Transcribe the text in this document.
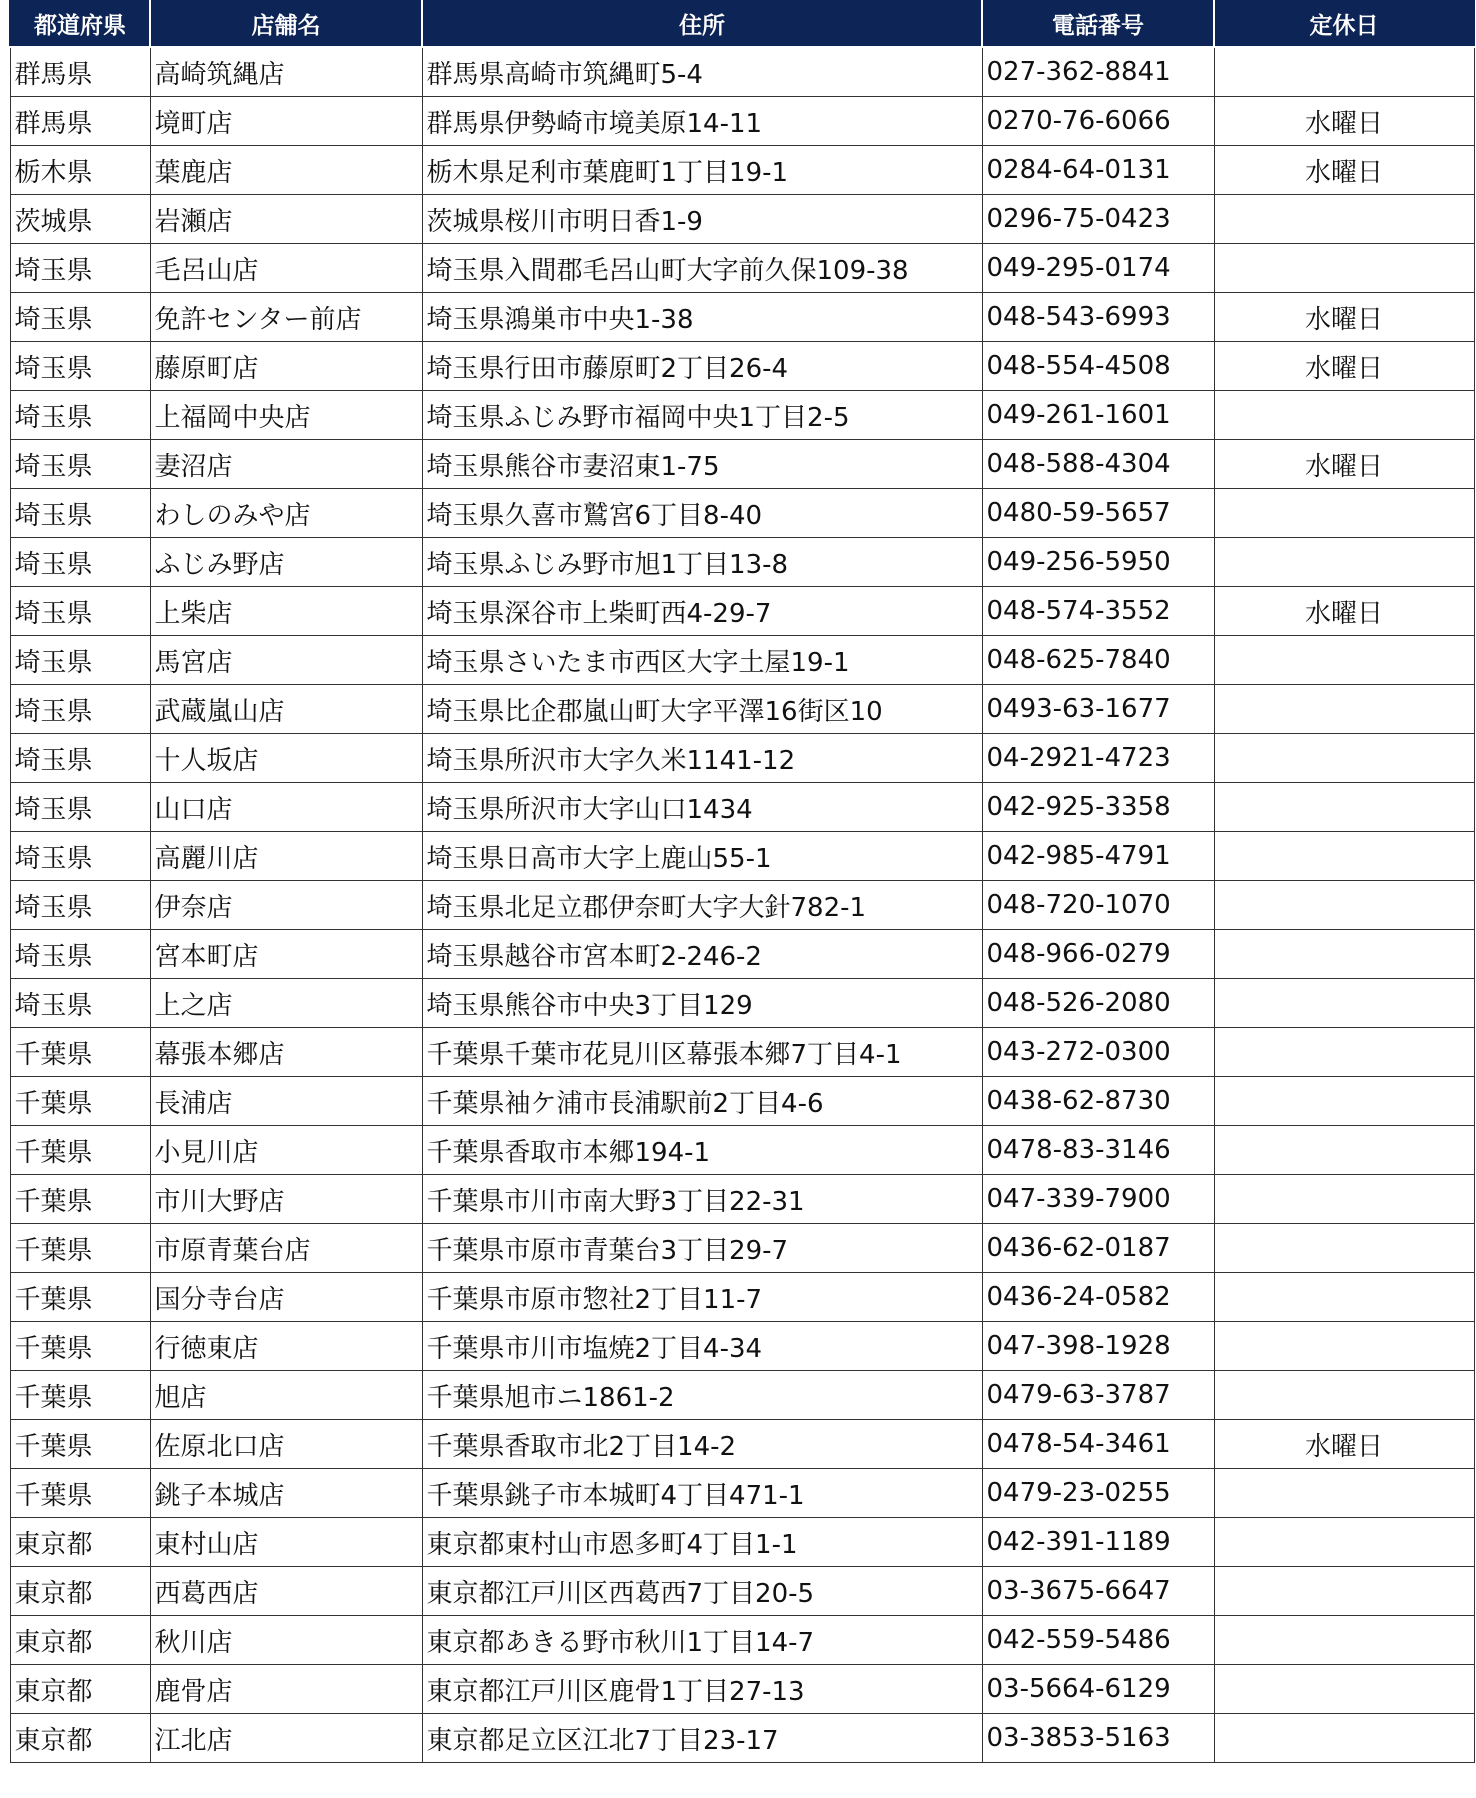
都道府県	店舗名	住所	電話番号	定休日
群馬県	高崎筑縄店	群馬県高崎市筑縄町5-4	027-362-8841	
群馬県	境町店	群馬県伊勢崎市境美原14-11	0270-76-6066	水曜日
栃木県	葉鹿店	栃木県足利市葉鹿町1丁目19-1	0284-64-0131	水曜日
茨城県	岩瀬店	茨城県桜川市明日香1-9	0296-75-0423	
埼玉県	毛呂山店	埼玉県入間郡毛呂山町大字前久保109-38	049-295-0174	
埼玉県	免許センター前店	埼玉県鴻巣市中央1-38	048-543-6993	水曜日
埼玉県	藤原町店	埼玉県行田市藤原町2丁目26-4	048-554-4508	水曜日
埼玉県	上福岡中央店	埼玉県ふじみ野市福岡中央1丁目2-5	049-261-1601	
埼玉県	妻沼店	埼玉県熊谷市妻沼東1-75	048-588-4304	水曜日
埼玉県	わしのみや店	埼玉県久喜市鷲宮6丁目8-40	0480-59-5657	
埼玉県	ふじみ野店	埼玉県ふじみ野市旭1丁目13-8	049-256-5950	
埼玉県	上柴店	埼玉県深谷市上柴町西4-29-7	048-574-3552	水曜日
埼玉県	馬宮店	埼玉県さいたま市西区大字土屋19-1	048-625-7840	
埼玉県	武蔵嵐山店	埼玉県比企郡嵐山町大字平澤16街区10	0493-63-1677	
埼玉県	十人坂店	埼玉県所沢市大字久米1141-12	04-2921-4723	
埼玉県	山口店	埼玉県所沢市大字山口1434	042-925-3358	
埼玉県	高麗川店	埼玉県日高市大字上鹿山55-1	042-985-4791	
埼玉県	伊奈店	埼玉県北足立郡伊奈町大字大針782-1	048-720-1070	
埼玉県	宮本町店	埼玉県越谷市宮本町2-246-2	048-966-0279	
埼玉県	上之店	埼玉県熊谷市中央3丁目129	048-526-2080	
千葉県	幕張本郷店	千葉県千葉市花見川区幕張本郷7丁目4-1	043-272-0300	
千葉県	長浦店	千葉県袖ケ浦市長浦駅前2丁目4-6	0438-62-8730	
千葉県	小見川店	千葉県香取市本郷194-1	0478-83-3146	
千葉県	市川大野店	千葉県市川市南大野3丁目22-31	047-339-7900	
千葉県	市原青葉台店	千葉県市原市青葉台3丁目29-7	0436-62-0187	
千葉県	国分寺台店	千葉県市原市惣社2丁目11-7	0436-24-0582	
千葉県	行徳東店	千葉県市川市塩焼2丁目4-34	047-398-1928	
千葉県	旭店	千葉県旭市ニ1861-2	0479-63-3787	
千葉県	佐原北口店	千葉県香取市北2丁目14-2	0478-54-3461	水曜日
千葉県	銚子本城店	千葉県銚子市本城町4丁目471-1	0479-23-0255	
東京都	東村山店	東京都東村山市恩多町4丁目1-1	042-391-1189	
東京都	西葛西店	東京都江戸川区西葛西7丁目20-5	03-3675-6647	
東京都	秋川店	東京都あきる野市秋川1丁目14-7	042-559-5486	
東京都	鹿骨店	東京都江戸川区鹿骨1丁目27-13	03-5664-6129	
東京都	江北店	東京都足立区江北7丁目23-17	03-3853-5163	
